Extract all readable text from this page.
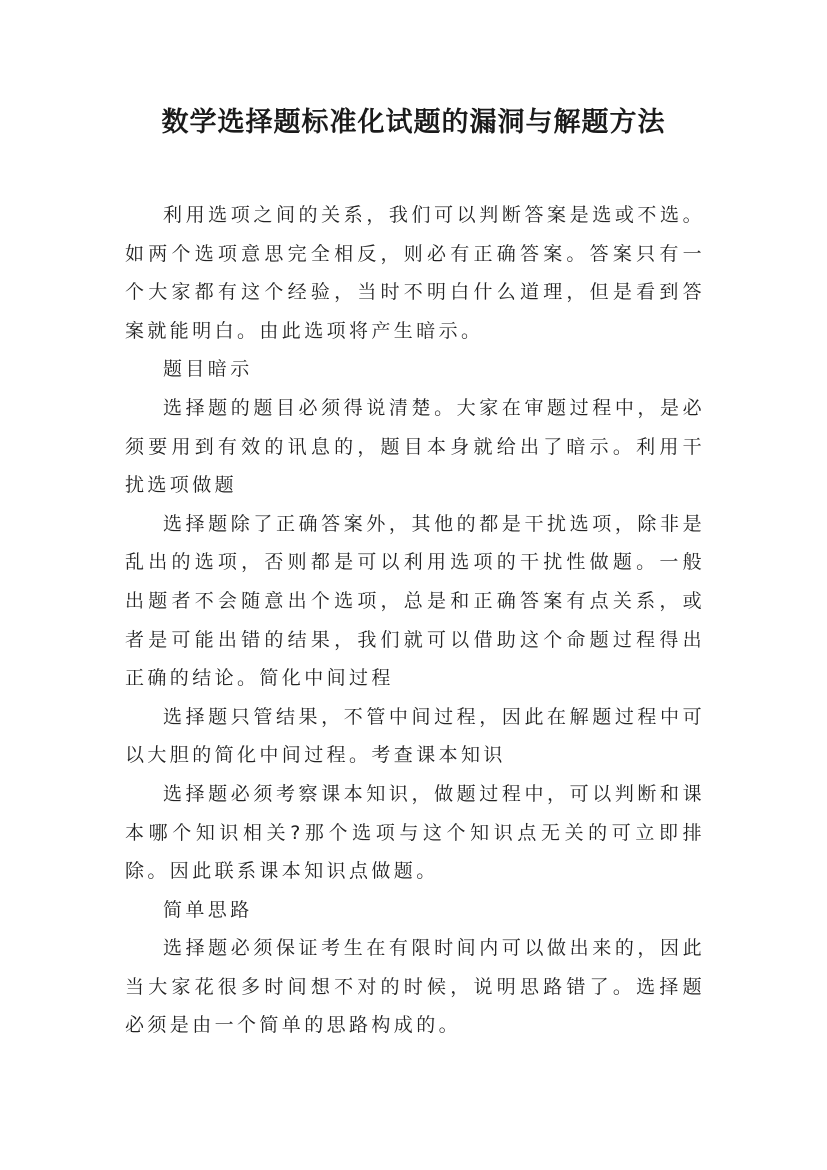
数学选择题标准化试题的漏洞与解题方法

利用选项之间的关系，我们可以判断答案是选或不选。如两个选项意思完全相反，则必有正确答案。答案只有一个大家都有这个经验，当时不明白什么道理，但是看到答案就能明白。由此选项将产生暗示。

题目暗示

选择题的题目必须得说清楚。大家在审题过程中，是必须要用到有效的讯息的，题目本身就给出了暗示。利用干扰选项做题

选择题除了正确答案外，其他的都是干扰选项，除非是乱出的选项，否则都是可以利用选项的干扰性做题。一般出题者不会随意出个选项，总是和正确答案有点关系，或者是可能出错的结果，我们就可以借助这个命题过程得出正确的结论。简化中间过程

选择题只管结果，不管中间过程，因此在解题过程中可以大胆的简化中间过程。考查课本知识

选择题必须考察课本知识，做题过程中，可以判断和课本哪个知识相关?那个选项与这个知识点无关的可立即排除。因此联系课本知识点做题。

简单思路

选择题必须保证考生在有限时间内可以做出来的，因此当大家花很多时间想不对的时候，说明思路错了。选择题必须是由一个简单的思路构成的。
